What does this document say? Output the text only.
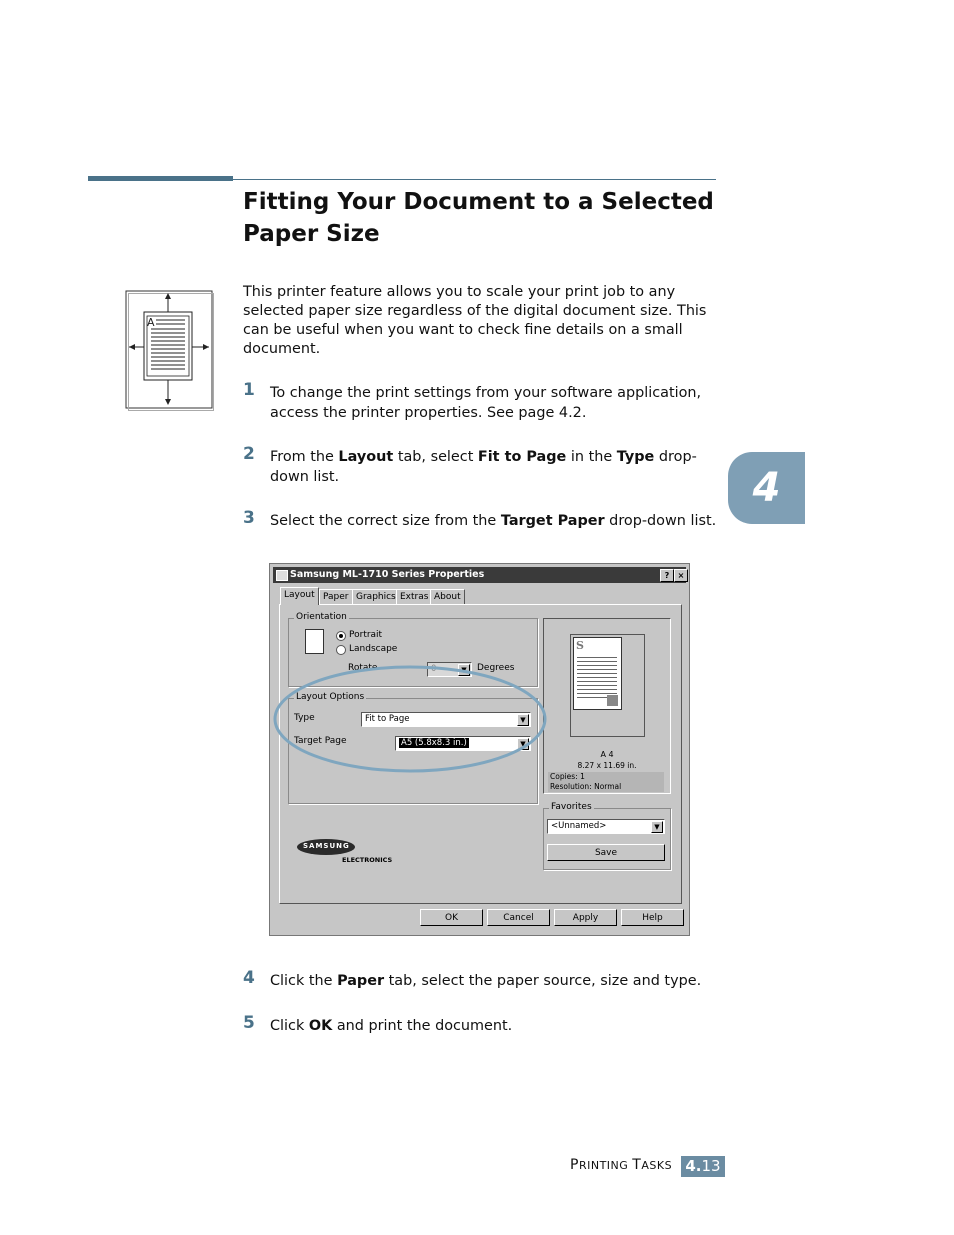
Fitting Your Document to a Selected Paper Size
A
This printer feature allows you to scale your print job to any selected paper size regardless of the digital document size. This can be useful when you want to check fine details on a small document.
1 To change the print settings from your software application, access the printer properties. See page 4.2.
2 From the Layout tab, select Fit to Page in the Type drop-down list.
3 Select the correct size from the Target Paper drop-down list.
4 Click the Paper tab, select the paper source, size and type.
5 Click OK and print the document.
4
Samsung ML-1710 Series Properties	?	×
Layout Paper Graphics Extras About
Orientation
Portrait
Landscape
Rotate	0	▼	Degrees
Layout Options
Type	Fit to Page	▼
Target Page	A5 (5.8x8.3 in.)	▼
S
A 4
8.27 x 11.69 in.
Copies: 1
Resolution: Normal
Favorites
<Unnamed>	▼
Save
SAMSUNG
ELECTRONICS
OK	Cancel	Apply	Help
PRINTING TASKS 4.13
